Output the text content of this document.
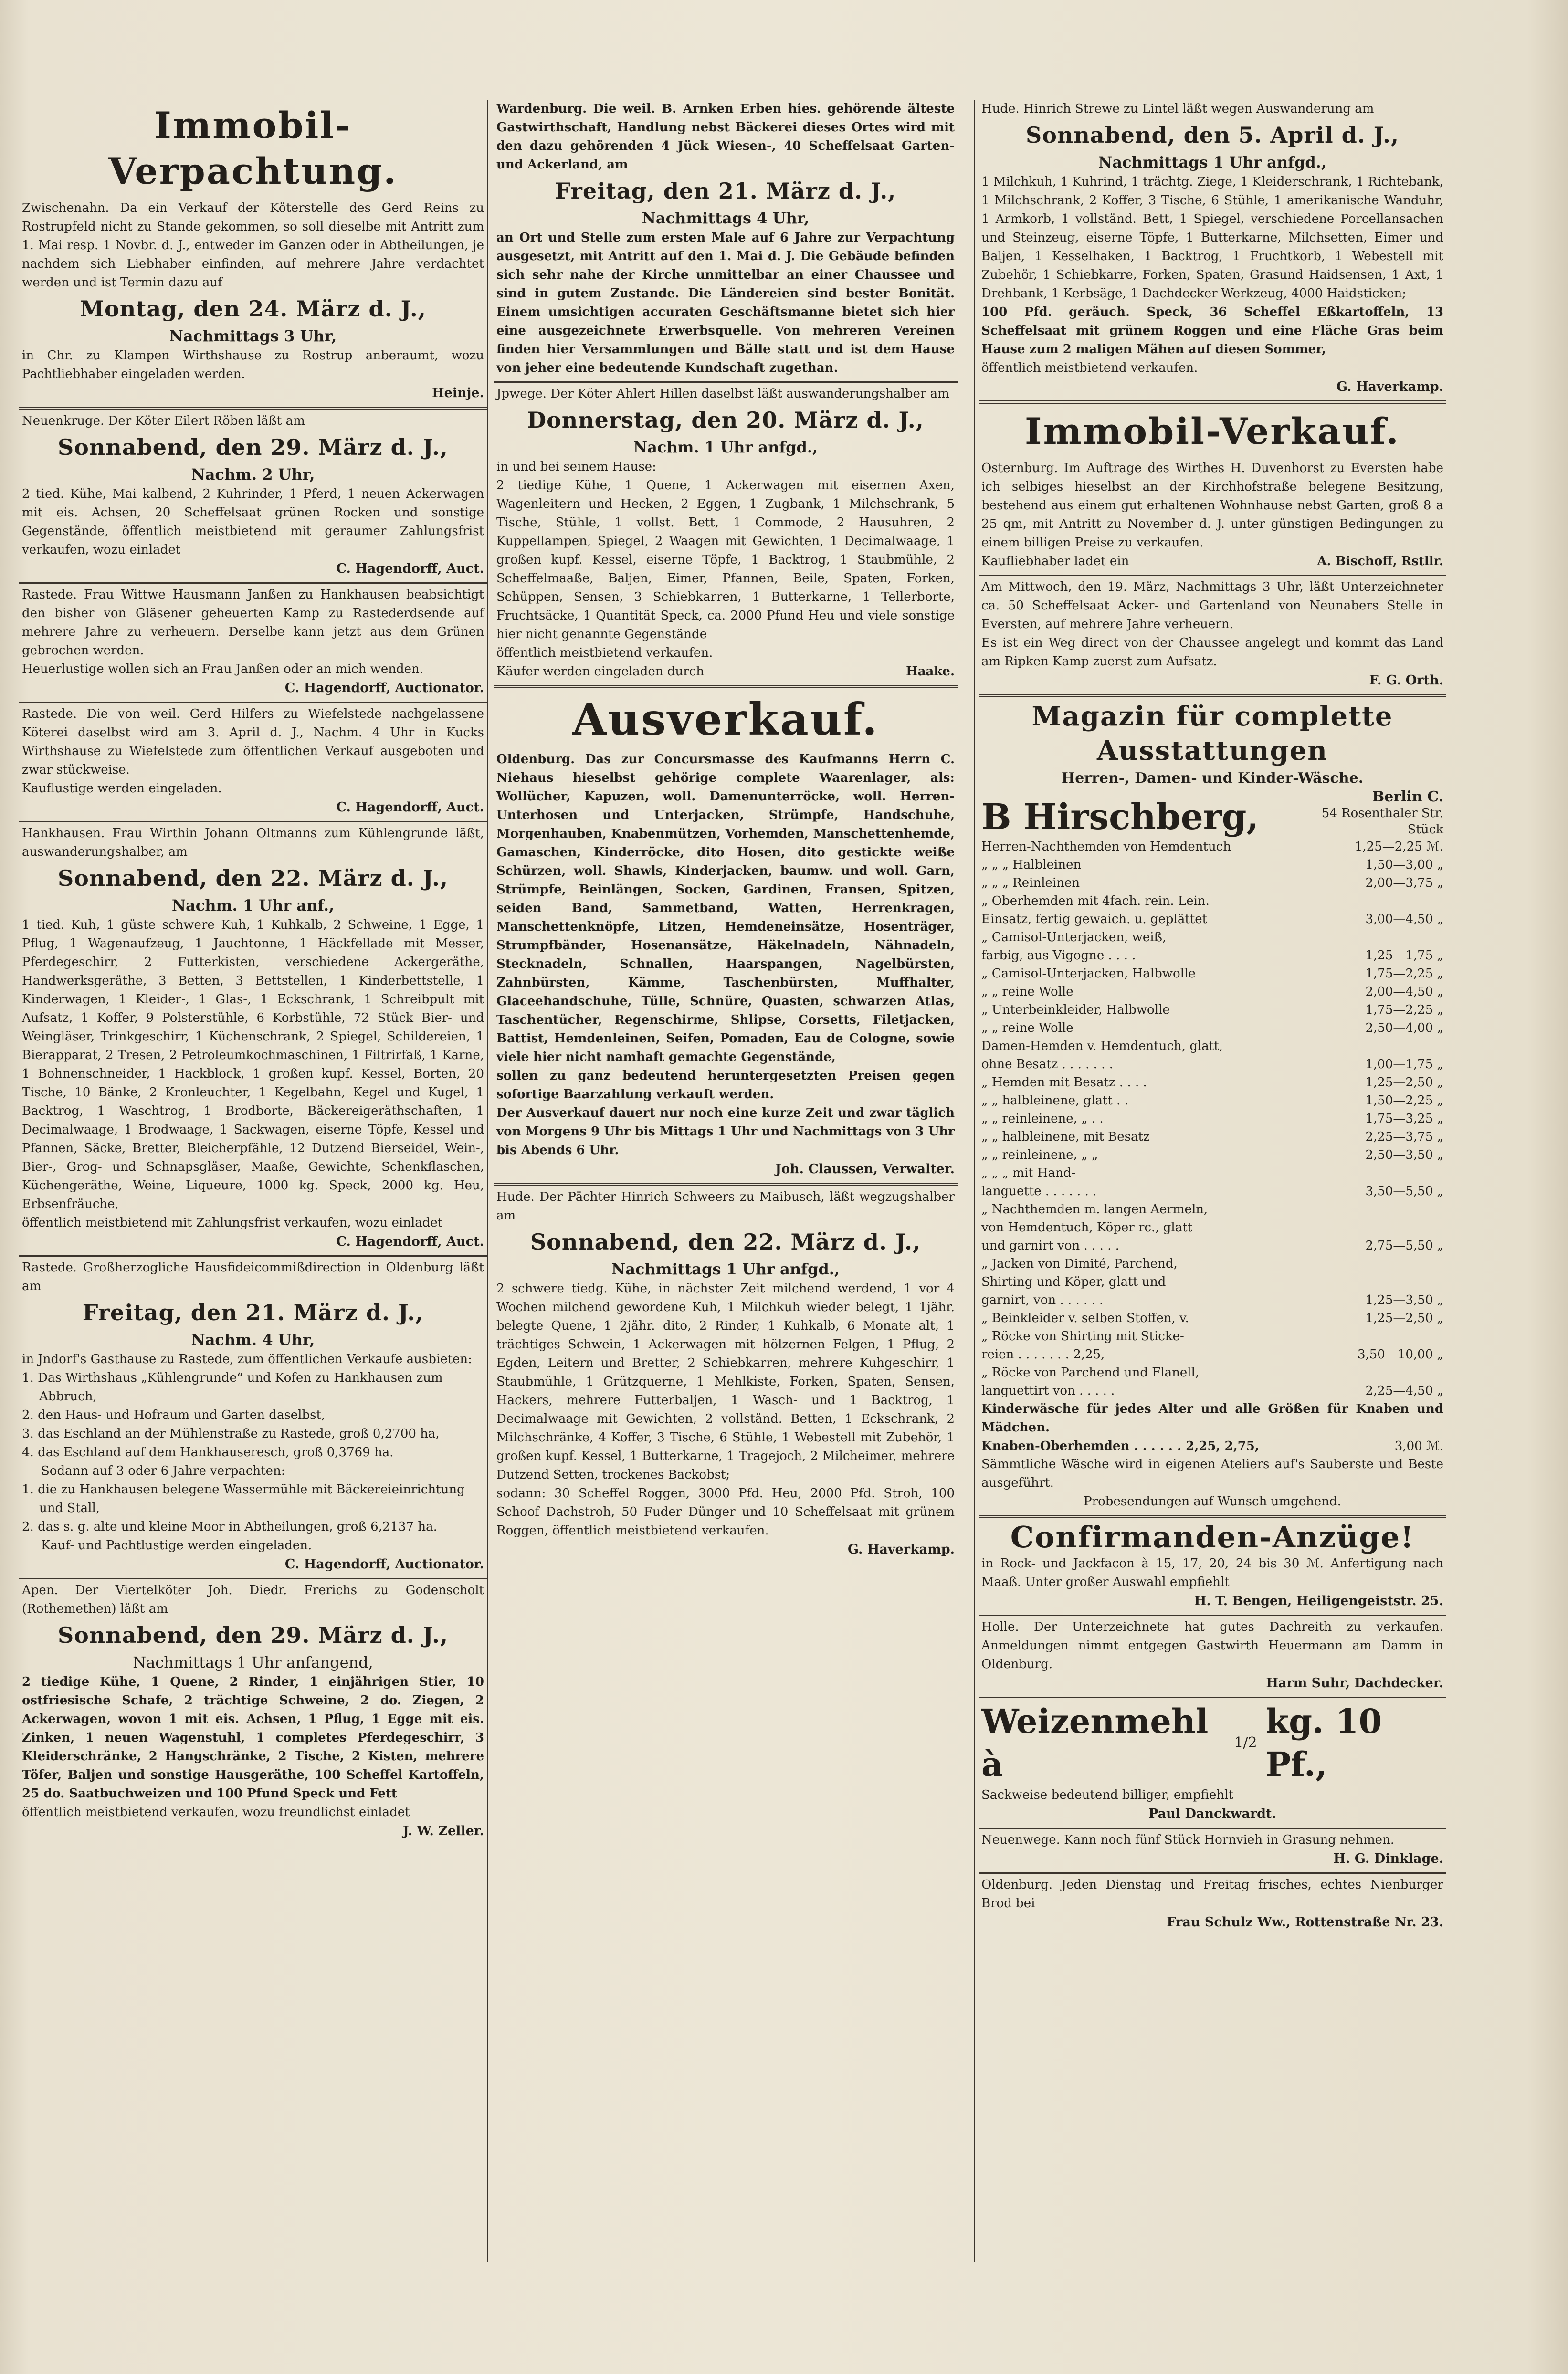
Immobil-Verpachtung.

Zwischenahn. Da ein Verkauf der Köterstelle des Gerd Reins zu Rostrupfeld nicht zu Stande gekommen, so soll dieselbe mit Antritt zum 1. Mai resp. 1 Novbr. d. J., entweder im Ganzen oder in Abtheilungen, je nachdem sich Liebhaber einfinden, auf mehrere Jahre verdachtet werden und ist Termin dazu auf

Montag, den 24. März d. J.,
Nachmittags 3 Uhr,

in Chr. zu Klampen Wirthshause zu Rostrup anberaumt, wozu Pachtliebhaber eingeladen werden.

Heinje.

Neuenkruge. Der Köter Eilert Röben läßt am

Sonnabend, den 29. März d. J.,
Nachm. 2 Uhr,

2 tied. Kühe, Mai kalbend, 2 Kuhrinder, 1 Pferd, 1 neuen Ackerwagen mit eis. Achsen, 20 Scheffelsaat grünen Rocken und sonstige Gegenstände, öffentlich meistbietend mit geraumer Zahlungsfrist verkaufen, wozu einladet

C. Hagendorff, Auct.

Rastede. Frau Wittwe Hausmann Janßen zu Hankhausen beabsichtigt den bisher von Gläsener geheuerten Kamp zu Rastederdsende auf mehrere Jahre zu verheuern. Derselbe kann jetzt aus dem Grünen gebrochen werden.

Heuerlustige wollen sich an Frau Janßen oder an mich wenden.

C. Hagendorff, Auctionator.

Rastede. Die von weil. Gerd Hilfers zu Wiefelstede nachgelassene Köterei daselbst wird am 3. April d. J., Nachm. 4 Uhr in Kucks Wirthshause zu Wiefelstede zum öffentlichen Verkauf ausgeboten und zwar stückweise.

Kauflustige werden eingeladen.

C. Hagendorff, Auct.

Hankhausen. Frau Wirthin Johann Oltmanns zum Kühlengrunde läßt, auswanderungshalber, am

Sonnabend, den 22. März d. J.,
Nachm. 1 Uhr anf.,

1 tied. Kuh, 1 güste schwere Kuh, 1 Kuhkalb, 2 Schweine, 1 Egge, 1 Pflug, 1 Wagenaufzeug, 1 Jauchtonne, 1 Häckfellade mit Messer, Pferdegeschirr, 2 Futterkisten, verschiedene Ackergeräthe, Handwerksgeräthe, 3 Betten, 3 Bettstellen, 1 Kinderbettstelle, 1 Kinderwagen, 1 Kleider-, 1 Glas-, 1 Eckschrank, 1 Schreibpult mit Aufsatz, 1 Koffer, 9 Polsterstühle, 6 Korbstühle, 72 Stück Bier- und Weingläser, Trinkgeschirr, 1 Küchenschrank, 2 Spiegel, Schildereien, 1 Bierapparat, 2 Tresen, 2 Petroleumkochmaschinen, 1 Filtrirfaß, 1 Karne, 1 Bohnenschneider, 1 Hackblock, 1 großen kupf. Kessel, Borten, 20 Tische, 10 Bänke, 2 Kronleuchter, 1 Kegelbahn, Kegel und Kugel, 1 Backtrog, 1 Waschtrog, 1 Brodborte, Bäckereigeräthschaften, 1 Decimalwaage, 1 Brodwaage, 1 Sackwagen, eiserne Töpfe, Kessel und Pfannen, Säcke, Bretter, Bleicherpfähle, 12 Dutzend Bierseidel, Wein-, Bier-, Grog- und Schnapsgläser, Maaße, Gewichte, Schenkflaschen, Küchengeräthe, Weine, Liqueure, 1000 kg. Speck, 2000 kg. Heu, Erbsenfräuche,

öffentlich meistbietend mit Zahlungsfrist verkaufen, wozu einladet

C. Hagendorff, Auct.

Rastede. Großherzogliche Hausfideicommißdirection in Oldenburg läßt am

Freitag, den 21. März d. J.,
Nachm. 4 Uhr,

in Jndorf's Gasthause zu Rastede, zum öffentlichen Verkaufe ausbieten:

1. Das Wirthshaus „Kühlengrunde“ und Kofen zu Hankhausen zum Abbruch,

2. den Haus- und Hofraum und Garten daselbst,

3. das Eschland an der Mühlenstraße zu Rastede, groß 0,2700 ha,

4. das Eschland auf dem Hankhauseresch, groß 0,3769 ha.

Sodann auf 3 oder 6 Jahre verpachten:

1. die zu Hankhausen belegene Wassermühle mit Bäckereieinrichtung und Stall,

2. das s. g. alte und kleine Moor in Abtheilungen, groß 6,2137 ha.

Kauf- und Pachtlustige werden eingeladen.

C. Hagendorff, Auctionator.

Apen. Der Viertelköter Joh. Diedr. Frerichs zu Godenscholt (Rothemethen) läßt am

Sonnabend, den 29. März d. J.,
Nachmittags 1 Uhr anfangend,

2 tiedige Kühe, 1 Quene, 2 Rinder, 1 einjährigen Stier, 10 ostfriesische Schafe, 2 trächtige Schweine, 2 do. Ziegen, 2 Ackerwagen, wovon 1 mit eis. Achsen, 1 Pflug, 1 Egge mit eis. Zinken, 1 neuen Wagenstuhl, 1 completes Pferdegeschirr, 3 Kleiderschränke, 2 Hangschränke, 2 Tische, 2 Kisten, mehrere Töfer, Baljen und sonstige Hausgeräthe, 100 Scheffel Kartoffeln, 25 do. Saatbuchweizen und 100 Pfund Speck und Fett

öffentlich meistbietend verkaufen, wozu freundlichst einladet

J. W. Zeller.

Wardenburg. Die weil. B. Arnken Erben hies. gehörende älteste Gastwirthschaft, Handlung nebst Bäckerei dieses Ortes wird mit den dazu gehörenden 4 Jück Wiesen-, 40 Scheffelsaat Garten- und Ackerland, am

Freitag, den 21. März d. J.,
Nachmittags 4 Uhr,

an Ort und Stelle zum ersten Male auf 6 Jahre zur Verpachtung ausgesetzt, mit Antritt auf den 1. Mai d. J. Die Gebäude befinden sich sehr nahe der Kirche unmittelbar an einer Chaussee und sind in gutem Zustande. Die Ländereien sind bester Bonität. Einem umsichtigen accuraten Geschäftsmanne bietet sich hier eine ausgezeichnete Erwerbsquelle. Von mehreren Vereinen finden hier Versammlungen und Bälle statt und ist dem Hause von jeher eine bedeutende Kundschaft zugethan.

Jpwege. Der Köter Ahlert Hillen daselbst läßt auswanderungshalber am

Donnerstag, den 20. März d. J.,
Nachm. 1 Uhr anfgd.,

in und bei seinem Hause:

2 tiedige Kühe, 1 Quene, 1 Ackerwagen mit eisernen Axen, Wagenleitern und Hecken, 2 Eggen, 1 Zugbank, 1 Milchschrank, 5 Tische, Stühle, 1 vollst. Bett, 1 Commode, 2 Hausuhren, 2 Kuppellampen, Spiegel, 2 Waagen mit Gewichten, 1 Decimalwaage, 1 großen kupf. Kessel, eiserne Töpfe, 1 Backtrog, 1 Staubmühle, 2 Scheffelmaaße, Baljen, Eimer, Pfannen, Beile, Spaten, Forken, Schüppen, Sensen, 3 Schiebkarren, 1 Butterkarne, 1 Tellerborte, Fruchtsäcke, 1 Quantität Speck, ca. 2000 Pfund Heu und viele sonstige hier nicht genannte Gegenstände

öffentlich meistbietend verkaufen.

Käufer werden eingeladen durch	Haake.
Ausverkauf.

Oldenburg. Das zur Concursmasse des Kaufmanns Herrn C. Niehaus hieselbst gehörige complete Waarenlager, als: Wollücher, Kapuzen, woll. Damenunterröcke, woll. Herren-Unterhosen und Unterjacken, Strümpfe, Handschuhe, Morgenhauben, Knabenmützen, Vorhemden, Manschettenhemde, Gamaschen, Kinderröcke, dito Hosen, dito gestickte weiße Schürzen, woll. Shawls, Kinderjacken, baumw. und woll. Garn, Strümpfe, Beinlängen, Socken, Gardinen, Fransen, Spitzen, seiden Band, Sammetband, Watten, Herrenkragen, Manschettenknöpfe, Litzen, Hemdeneinsätze, Hosenträger, Strumpfbänder, Hosenansätze, Häkelnadeln, Nähnadeln, Stecknadeln, Schnallen, Haarspangen, Nagelbürsten, Zahnbürsten, Kämme, Taschenbürsten, Muffhalter, Glaceehandschuhe, Tülle, Schnüre, Quasten, schwarzen Atlas, Taschentücher, Regenschirme, Shlipse, Corsetts, Filetjacken, Battist, Hemdenleinen, Seifen, Pomaden, Eau de Cologne, sowie viele hier nicht namhaft gemachte Gegenstände,

sollen zu ganz bedeutend heruntergesetzten Preisen gegen sofortige Baarzahlung verkauft werden.

Der Ausverkauf dauert nur noch eine kurze Zeit und zwar täglich von Morgens 9 Uhr bis Mittags 1 Uhr und Nachmittags von 3 Uhr bis Abends 6 Uhr.

Joh. Claussen, Verwalter.

Hude. Der Pächter Hinrich Schweers zu Maibusch, läßt wegzugshalber am

Sonnabend, den 22. März d. J.,
Nachmittags 1 Uhr anfgd.,

2 schwere tiedg. Kühe, in nächster Zeit milchend werdend, 1 vor 4 Wochen milchend gewordene Kuh, 1 Milchkuh wieder belegt, 1 1jähr. belegte Quene, 1 2jähr. dito, 2 Rinder, 1 Kuhkalb, 6 Monate alt, 1 trächtiges Schwein, 1 Ackerwagen mit hölzernen Felgen, 1 Pflug, 2 Egden, Leitern und Bretter, 2 Schiebkarren, mehrere Kuhgeschirr, 1 Staubmühle, 1 Grützquerne, 1 Mehlkiste, Forken, Spaten, Sensen, Hackers, mehrere Futterbaljen, 1 Wasch- und 1 Backtrog, 1 Decimalwaage mit Gewichten, 2 vollständ. Betten, 1 Eckschrank, 2 Milchschränke, 4 Koffer, 3 Tische, 6 Stühle, 1 Webestell mit Zubehör, 1 großen kupf. Kessel, 1 Butterkarne, 1 Tragejoch, 2 Milcheimer, mehrere Dutzend Setten, trockenes Backobst;

sodann: 30 Scheffel Roggen, 3000 Pfd. Heu, 2000 Pfd. Stroh, 100 Schoof Dachstroh, 50 Fuder Dünger und 10 Scheffelsaat mit grünem Roggen, öffentlich meistbietend verkaufen.

G. Haverkamp.

Hude. Hinrich Strewe zu Lintel läßt wegen Auswanderung am

Sonnabend, den 5. April d. J.,
Nachmittags 1 Uhr anfgd.,

1 Milchkuh, 1 Kuhrind, 1 trächtg. Ziege, 1 Kleiderschrank, 1 Richtebank, 1 Milchschrank, 2 Koffer, 3 Tische, 6 Stühle, 1 amerikanische Wanduhr, 1 Armkorb, 1 vollständ. Bett, 1 Spiegel, verschiedene Porcellansachen und Steinzeug, eiserne Töpfe, 1 Butterkarne, Milchsetten, Eimer und Baljen, 1 Kesselhaken, 1 Backtrog, 1 Fruchtkorb, 1 Webestell mit Zubehör, 1 Schiebkarre, Forken, Spaten, Grasund Haidsensen, 1 Axt, 1 Drehbank, 1 Kerbsäge, 1 Dachdecker-Werkzeug, 4000 Haidsticken;

100 Pfd. geräuch. Speck, 36 Scheffel Eßkartoffeln, 13 Scheffelsaat mit grünem Roggen und eine Fläche Gras beim Hause zum 2 maligen Mähen auf diesen Sommer,

öffentlich meistbietend verkaufen.

G. Haverkamp.
Immobil-Verkauf.

Osternburg. Im Auftrage des Wirthes H. Duvenhorst zu Eversten habe ich selbiges hieselbst an der Kirchhofstraße belegene Besitzung, bestehend aus einem gut erhaltenen Wohnhause nebst Garten, groß 8 a 25 qm, mit Antritt zu November d. J. unter günstigen Bedingungen zu einem billigen Preise zu verkaufen.

Kaufliebhaber ladet ein	A. Bischoff, Rstllr.

Am Mittwoch, den 19. März, Nachmittags 3 Uhr, läßt Unterzeichneter ca. 50 Scheffelsaat Acker- und Gartenland von Neunabers Stelle in Eversten, auf mehrere Jahre verheuern.

Es ist ein Weg direct von der Chaussee angelegt und kommt das Land am Ripken Kamp zuerst zum Aufsatz.

F. G. Orth.
Magazin für complette Ausstattungen
Herren-, Damen- und Kinder-Wäsche.
B Hirschberg,	Berlin C.
54 Rosenthaler Str.
Stück
Herren-Nachthemden von Hemdentuch	1,25—2,25 ℳ.
„ „ „ Halbleinen	1,50—3,00 „
„ „ „ Reinleinen	2,00—3,75 „
„ Oberhemden mit 4fach. rein. Lein.	
Einsatz, fertig gewaich. u. geplättet	3,00—4,50 „
„ Camisol-Unterjacken, weiß,	
farbig, aus Vigogne . . . .	1,25—1,75 „
„ Camisol-Unterjacken, Halbwolle	1,75—2,25 „
„ „ reine Wolle	2,00—4,50 „
„ Unterbeinkleider, Halbwolle	1,75—2,25 „
„ „ reine Wolle	2,50—4,00 „
Damen-Hemden v. Hemdentuch, glatt,	
ohne Besatz . . . . . . .	1,00—1,75 „
„ Hemden mit Besatz . . . .	1,25—2,50 „
„ „ halbleinene, glatt . .	1,50—2,25 „
„ „ reinleinene, „ . .	1,75—3,25 „
„ „ halbleinene, mit Besatz	2,25—3,75 „
„ „ reinleinene, „ „	2,50—3,50 „
„ „ „ mit Hand-	
languette . . . . . . .	3,50—5,50 „
„ Nachthemden m. langen Aermeln,	
von Hemdentuch, Köper rc., glatt	
und garnirt von . . . . .	2,75—5,50 „
„ Jacken von Dimité, Parchend,	
Shirting und Köper, glatt und	
garnirt, von . . . . . .	1,25—3,50 „
„ Beinkleider v. selben Stoffen, v.	1,25—2,50 „
„ Röcke von Shirting mit Sticke-	
reien . . . . . . . 2,25,	3,50—10,00 „
„ Röcke von Parchend und Flanell,	
languettirt von . . . . .	2,25—4,50 „

Kinderwäsche für jedes Alter und alle Größen für Knaben und Mädchen.

Knaben-Oberhemden . . . . . . 2,25, 2,75,	3,00 ℳ.

Sämmtliche Wäsche wird in eigenen Ateliers auf's Sauberste und Beste ausgeführt.

Probesendungen auf Wunsch umgehend.

Confirmanden-Anzüge!

in Rock- und Jackfacon à 15, 17, 20, 24 bis 30 ℳ. Anfertigung nach Maaß. Unter großer Auswahl empfiehlt

H. T. Bengen, Heiligengeiststr. 25.

Holle. Der Unterzeichnete hat gutes Dachreith zu verkaufen. Anmeldungen nimmt entgegen Gastwirth Heuermann am Damm in Oldenburg.

Harm Suhr, Dachdecker.
Weizenmehl à
1/2
kg. 10 Pf.,

Sackweise bedeutend billiger, empfiehlt

Paul Danckwardt.

Neuenwege. Kann noch fünf Stück Hornvieh in Grasung nehmen.

H. G. Dinklage.

Oldenburg. Jeden Dienstag und Freitag frisches, echtes Nienburger Brod bei

Frau Schulz Ww., Rottenstraße Nr. 23.
